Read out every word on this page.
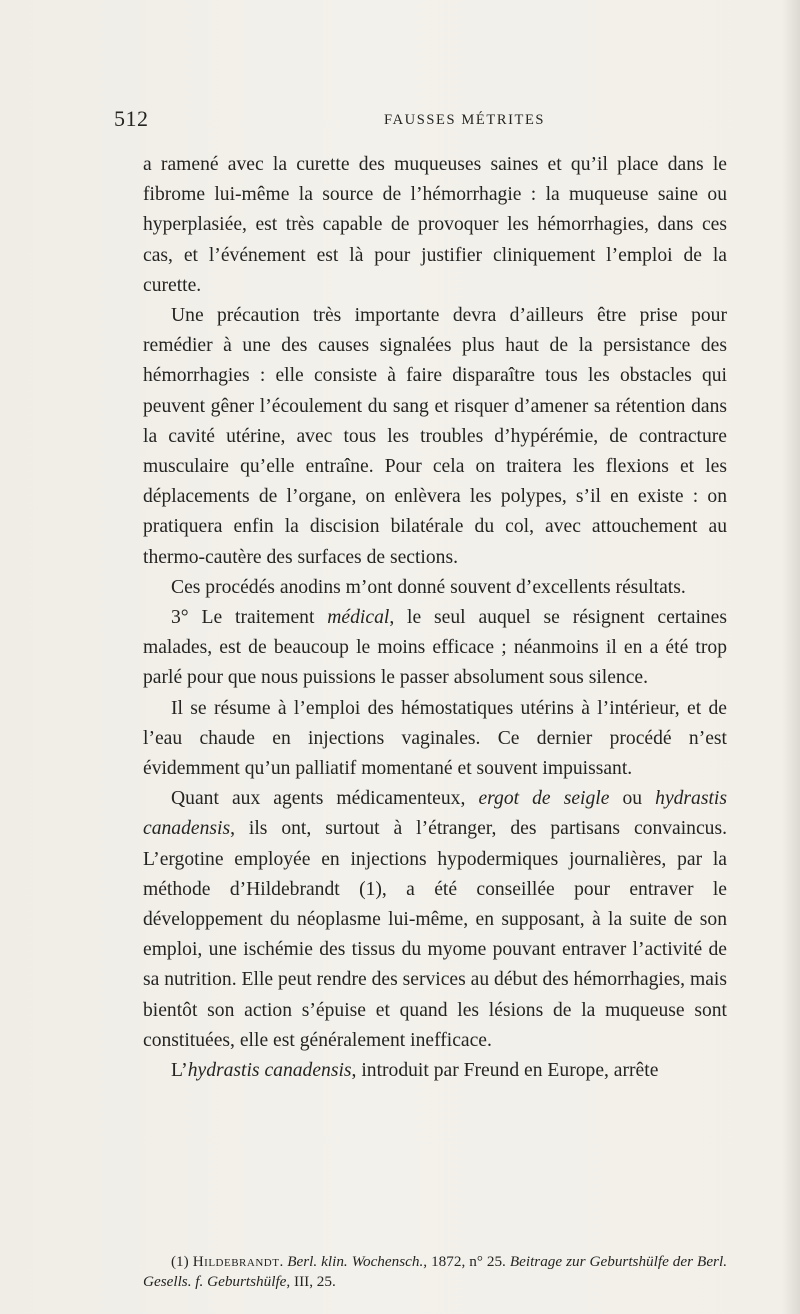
512	FAUSSES MÉTRITES

a ramené avec la curette des muqueuses saines et qu’il place dans le fibrome lui-même la source de l’hémorrhagie : la muqueuse saine ou hyperplasiée, est très capable de provoquer les hémorrhagies, dans ces cas, et l’événement est là pour justifier cliniquement l’emploi de la curette.

Une précaution très importante devra d’ailleurs être prise pour remédier à une des causes signalées plus haut de la persistance des hémorrhagies : elle consiste à faire disparaître tous les obstacles qui peuvent gêner l’écoulement du sang et risquer d’amener sa rétention dans la cavité utérine, avec tous les troubles d’hypérémie, de contracture musculaire qu’elle entraîne. Pour cela on traitera les flexions et les déplacements de l’organe, on enlèvera les polypes, s’il en existe : on pratiquera enfin la discision bilatérale du col, avec attouchement au thermo-cautère des surfaces de sections.

Ces procédés anodins m’ont donné souvent d’excellents résultats.

3° Le traitement médical, le seul auquel se résignent certaines malades, est de beaucoup le moins efficace ; néanmoins il en a été trop parlé pour que nous puissions le passer absolument sous silence.

Il se résume à l’emploi des hémostatiques utérins à l’intérieur, et de l’eau chaude en injections vaginales. Ce dernier procédé n’est évidemment qu’un palliatif momentané et souvent impuissant.

Quant aux agents médicamenteux, ergot de seigle ou hydrastis canadensis, ils ont, surtout à l’étranger, des partisans convaincus. L’ergotine employée en injections hypodermiques journalières, par la méthode d’Hildebrandt (1), a été conseillée pour entraver le développement du néoplasme lui-même, en supposant, à la suite de son emploi, une ischémie des tissus du myome pouvant entraver l’activité de sa nutrition. Elle peut rendre des services au début des hémorrhagies, mais bientôt son action s’épuise et quand les lésions de la muqueuse sont constituées, elle est généralement inefficace.

L’hydrastis canadensis, introduit par Freund en Europe, arrête

(1) Hildebrandt. Berl. klin. Wochensch., 1872, n° 25. Beitrage zur Geburtshülfe der Berl. Gesells. f. Geburtshülfe, III, 25.
